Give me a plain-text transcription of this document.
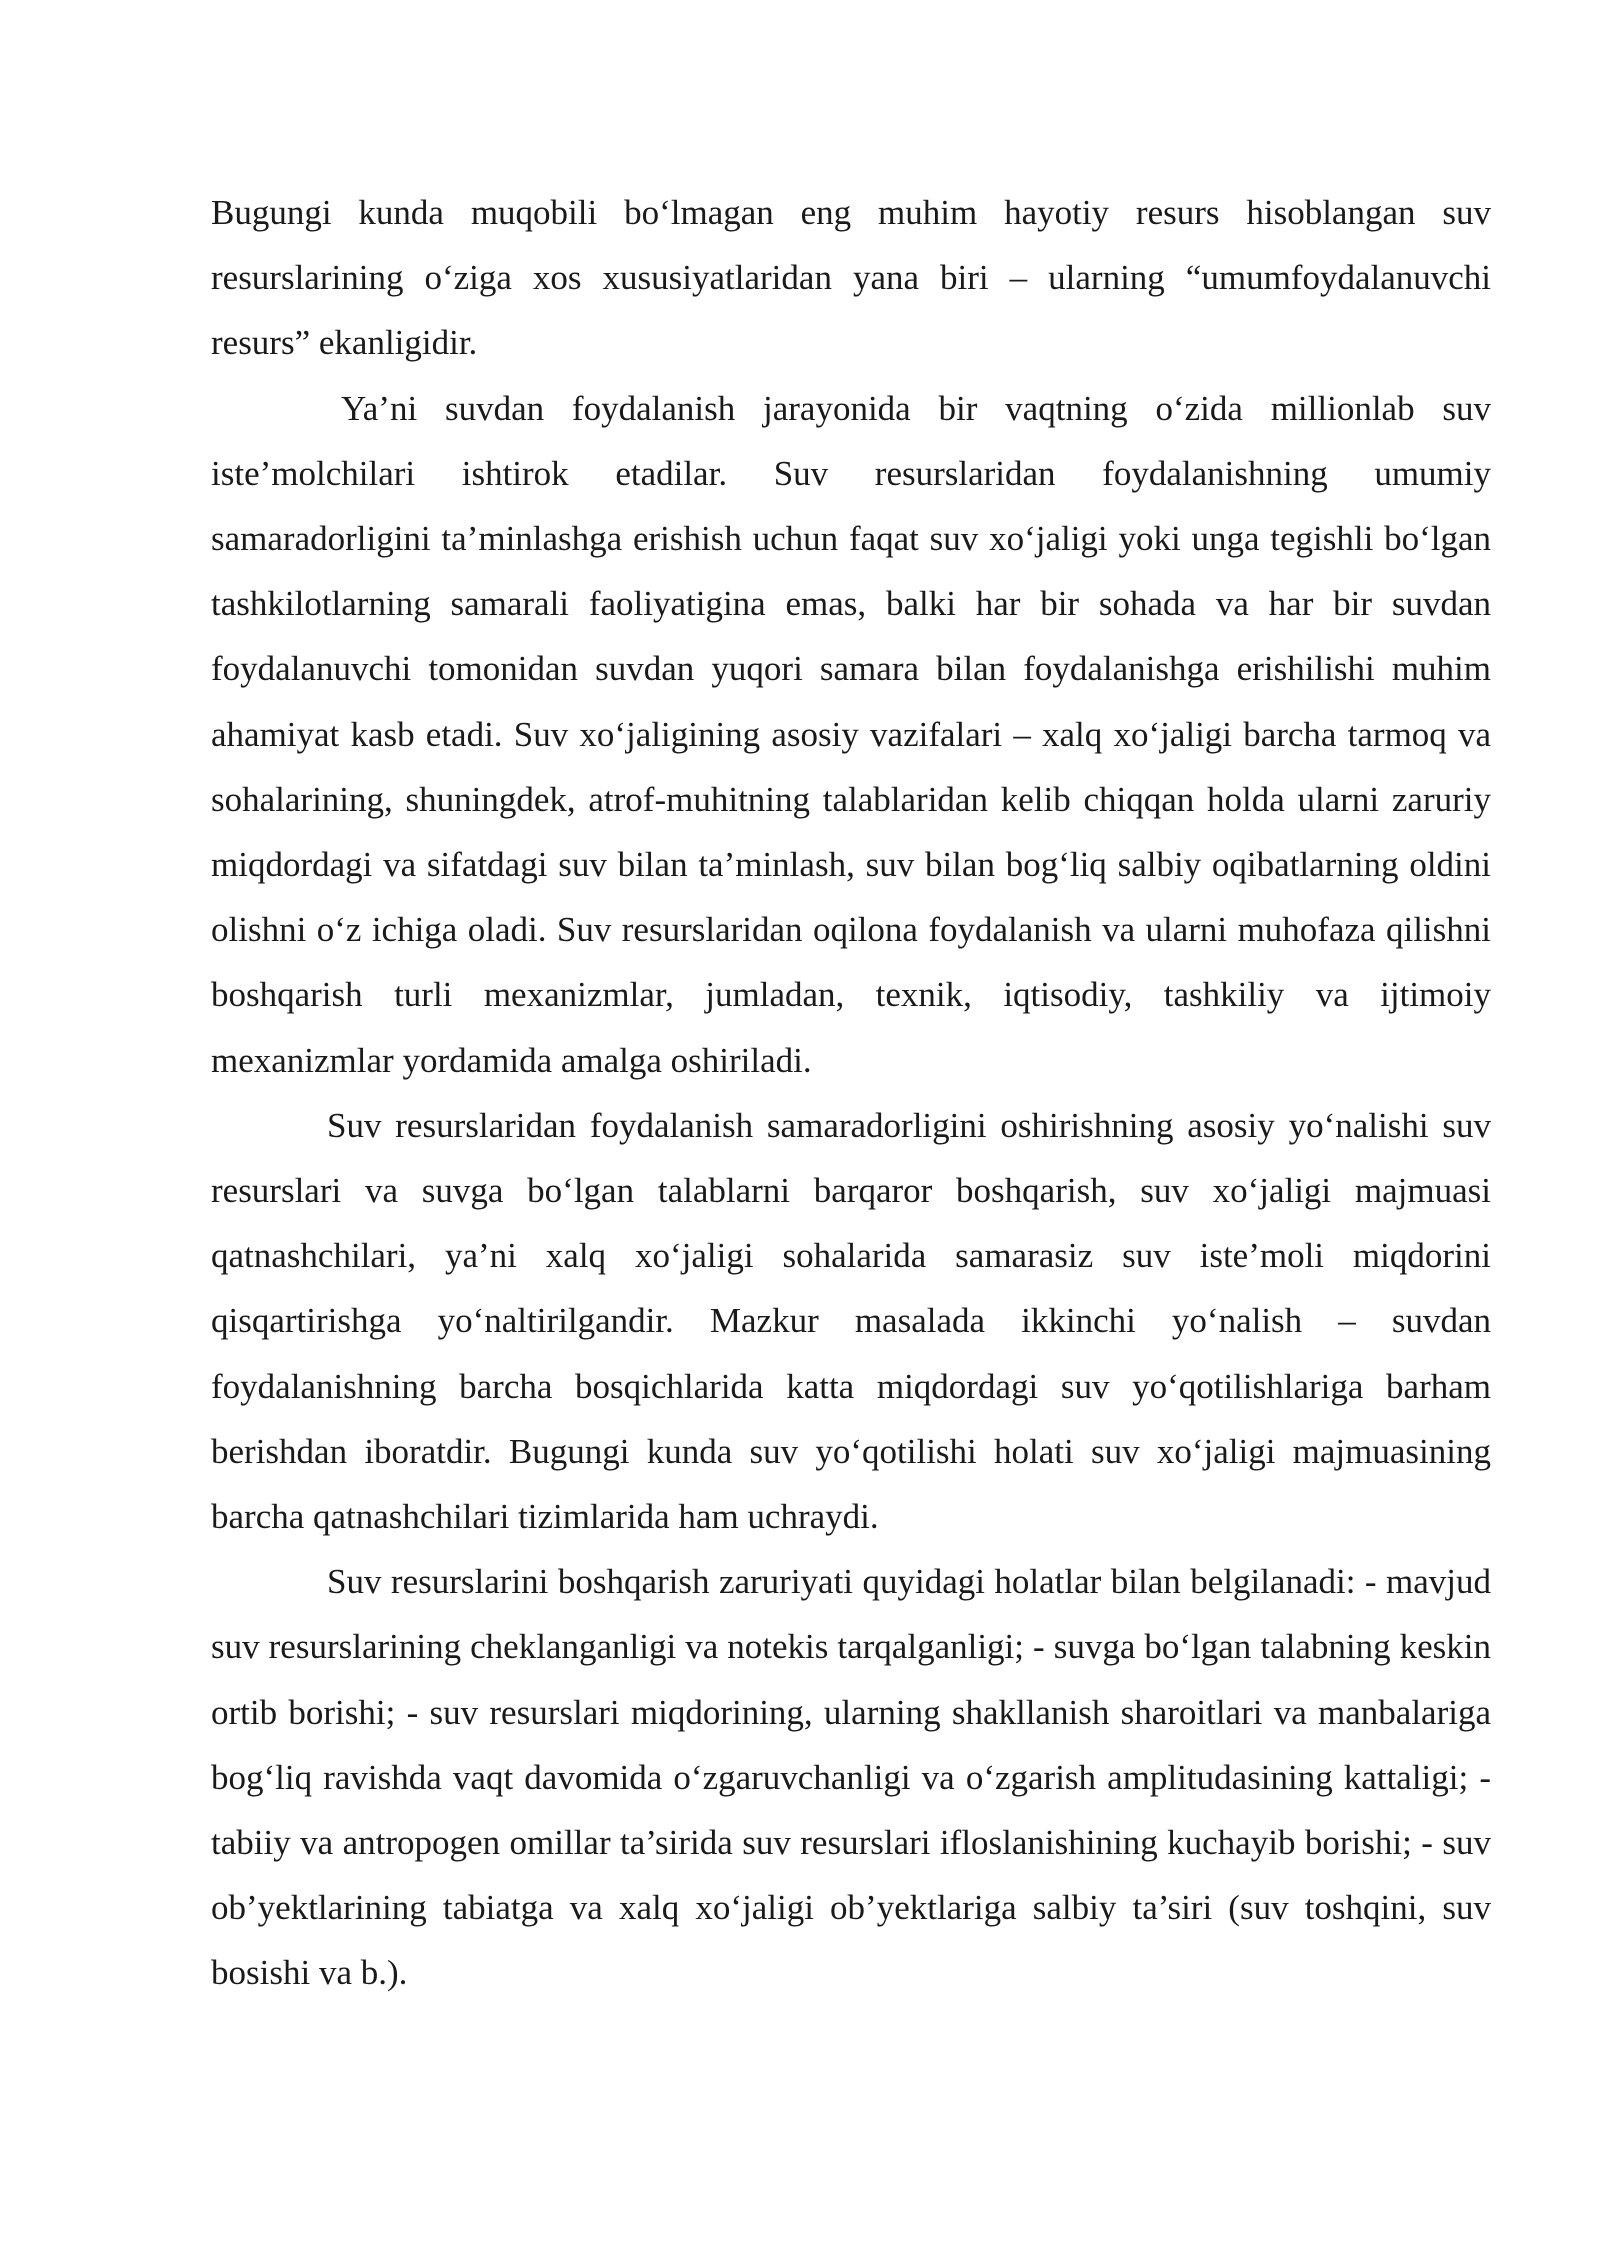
Bugungi kunda muqobili boʻlmagan eng muhim hayotiy resurs hisoblangan suv resurslarining oʻziga xos xususiyatlaridan yana biri – ularning “umumfoydalanuvchi resurs” ekanligidir.

Ya’ni suvdan foydalanish jarayonida bir vaqtning oʻzida millionlab suv iste’molchilari ishtirok etadilar. Suv resurslaridan foydalanishning umumiy samaradorligini ta’minlashga erishish uchun faqat suv xoʻjaligi yoki unga tegishli boʻlgan tashkilotlarning samarali faoliyatigina emas, balki har bir sohada va har bir suvdan foydalanuvchi tomonidan suvdan yuqori samara bilan foydalanishga erishilishi muhim ahamiyat kasb etadi. Suv xoʻjaligining asosiy vazifalari – xalq xoʻjaligi barcha tarmoq va sohalarining, shuningdek, atrof-muhitning talablaridan kelib chiqqan holda ularni zaruriy miqdordagi va sifatdagi suv bilan ta’minlash, suv bilan bogʻliq salbiy oqibatlarning oldini olishni oʻz ichiga oladi. Suv resurslaridan oqilona foydalanish va ularni muhofaza qilishni boshqarish turli mexanizmlar, jumladan, texnik, iqtisodiy, tashkiliy va ijtimoiy mexanizmlar yordamida amalga oshiriladi.

Suv resurslaridan foydalanish samaradorligini oshirishning asosiy yoʻnalishi suv resurslari va suvga boʻlgan talablarni barqaror boshqarish, suv xoʻjaligi majmuasi qatnashchilari, ya’ni xalq xoʻjaligi sohalarida samarasiz suv iste’moli miqdorini qisqartirishga yoʻnaltirilgandir. Mazkur masalada ikkinchi yoʻnalish – suvdan foydalanishning barcha bosqichlarida katta miqdordagi suv yoʻqotilishlariga barham berishdan iboratdir. Bugungi kunda suv yoʻqotilishi holati suv xoʻjaligi majmuasining barcha qatnashchilari tizimlarida ham uchraydi.

Suv resurslarini boshqarish zaruriyati quyidagi holatlar bilan belgilanadi: - mavjud suv resurslarining cheklanganligi va notekis tarqalganligi; - suvga boʻlgan talabning keskin ortib borishi; - suv resurslari miqdorining, ularning shakllanish sharoitlari va manbalariga bogʻliq ravishda vaqt davomida oʻzgaruvchanligi va oʻzgarish amplitudasining kattaligi; - tabiiy va antropogen omillar ta’sirida suv resurslari ifloslanishining kuchayib borishi; - suv ob’yektlarining tabiatga va xalq xoʻjaligi ob’yektlariga salbiy ta’siri (suv toshqini, suv bosishi va b.).
